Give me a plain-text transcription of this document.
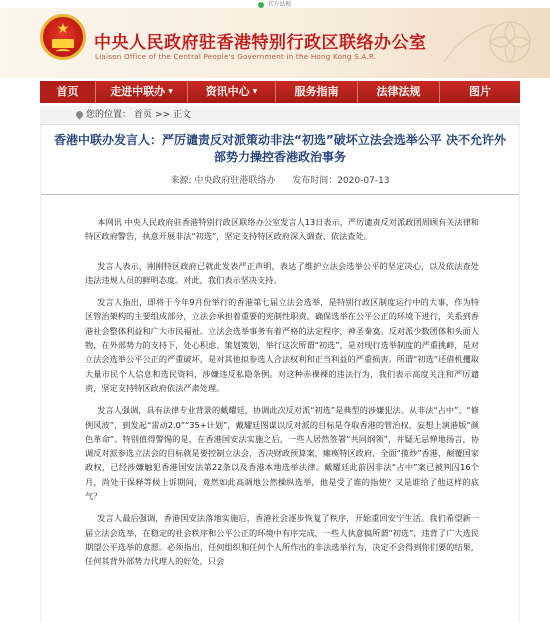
官方站账
★
中央人民政府驻香港特别行政区联络办公室
Liaison Office of the Central People's Government in the Hong Kong S.A.R.
首页	走进中联办 ▼	资讯中心 ▼	服务指南	法律法规	图片
您的位置： 首页 >> 正文
香港中联办发言人：严厉谴责反对派策动非法“初选”破坏立法会选举公平 决不允许外部势力操控香港政治事务
来源: 中央政府驻港联络办 发布时间：2020-07-13

本网讯 中央人民政府驻香港特别行政区联络办公室发言人13日表示，严厉谴责反对派政团周顾有关法律和特区政府警告，执意开展非法“初选”，坚定支持特区政府深入调查、依法查处。

发言人表示，刚刚特区政府已就此发表严正声明，表达了维护立法会选举公平的坚定决心，以及依法查处违法违规人员的鲜明态度。对此，我们表示坚决支持。

发言人指出，即将于今年9月份举行的香港第七届立法会选举，是特别行政区制度运行中的大事，作为特区管治架构的主要组成部分，立法会承担着重要的宪制性职责。确保选举在公平公正的环境下进行，关系到香港社会整体利益和广大市民福祉。立法会选举事务有着严格的法定程序，神圣秦寞。反对派少数团体和头面人物，在外部势力的支持下，处心积虑、策划策划，举行这次所谓“初选”，是对现行选举制度的严重挑衅，是对立法会选举公平公正的严重破坏，是对其他拟参选人合法权利和正当利益的严重损害。所谓“初选”还借机攫取大量市民个人信息和选民资料，涉嫌违反私隐条例。对这种赤裸裸的违法行为，我们表示高度关注和严厉谴责，坚定支持特区政府依法严肃处理。

发言人强调，具有法律专业背景的戴耀廷，协调此次反对派“初选”是典型的涉嫌犯法。从非法“占中”、“修例风波”，到发起“雷动2.0”“35+计划”，戴耀廷图谋以反对派的目标是夺取香港的管治权，妄想上演港版“颜色革命”。特别值得警惕的是，在香港国安法实施之后，一些人居然签署“共同纲领”，并疑无忌惮地扬言，协调反对派参选立法会的目标就是要控制立法会，否决财政预算案，瘫痪特区政府，全面“揽炒”香港，颠覆国家政权，已经涉嫌触犯香港国安法第22条以及香港本地选举法律。戴耀廷此前因非法“占中”案已被判囚16个月，尚处于保释等候上诉期间，竟然如此高调地公然操纵选举，他是受了谁的指使？又是谁给了他这样的底气？

发言人最后强调，香港国安法落地实施后，香港社会逐步恢复了秩序，开始重回安宁生活。我们希望新一届立法会选举，在稳定的社会秩序和公平公正的环境中有序完成，一些人执意搞所谓“初选”，违背了广大选民期望公平选举的意愿。必须指出，任何组织和任何个人所作出的非法选举行为，决定不会得到你们要的结果，任何其背外部势力代理人的好处，只会
